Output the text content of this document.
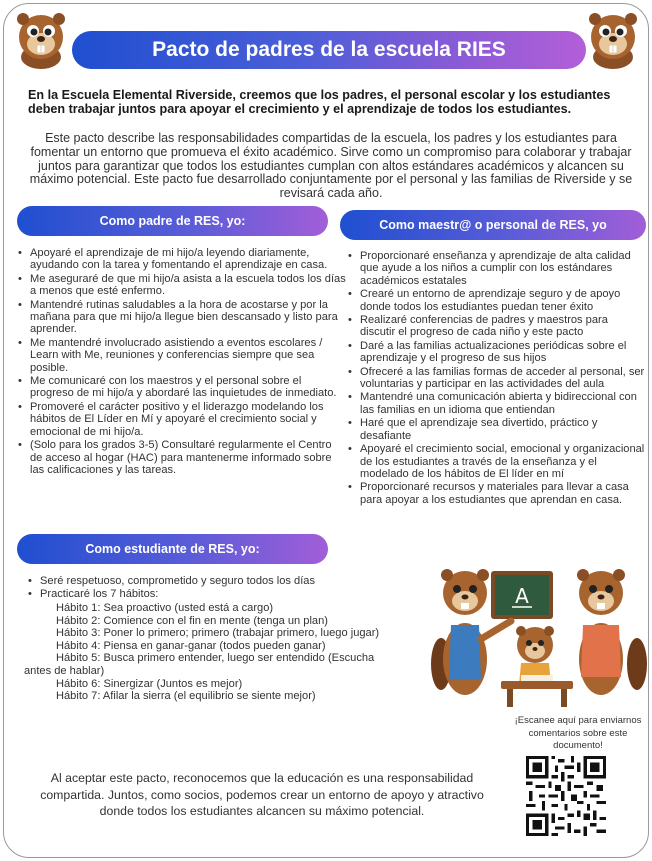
Pacto de padres de la escuela RIES
En la Escuela Elemental Riverside, creemos que los padres, el personal escolar y los estudiantes deben trabajar juntos para apoyar el crecimiento y el aprendizaje de todos los estudiantes.
Este pacto describe las responsabilidades compartidas de la escuela, los padres y los estudiantes para fomentar un entorno que promueva el éxito académico. Sirve como un compromiso para colaborar y trabajar juntos para garantizar que todos los estudiantes cumplan con altos estándares académicos y alcancen su máximo potencial. Este pacto fue desarrollado conjuntamente por el personal y las familias de Riverside y se revisará cada año.
Como padre de RES, yo:
• Apoyaré el aprendizaje de mi hijo/a leyendo diariamente, ayudando con la tarea y fomentando el aprendizaje en casa.
• Me aseguraré de que mi hijo/a asista a la escuela todos los días a menos que esté enfermo.
• Mantendré rutinas saludables a la hora de acostarse y por la mañana para que mi hijo/a llegue bien descansado y listo para aprender.
• Me mantendré involucrado asistiendo a eventos escolares / Learn with Me, reuniones y conferencias siempre que sea posible.
• Me comunicaré con los maestros y el personal sobre el progreso de mi hijo/a y abordaré las inquietudes de inmediato.
• Promoveré el carácter positivo y el liderazgo modelando los hábitos de El Líder en Mí y apoyaré el crecimiento social y emocional de mi hijo/a.
• (Solo para los grados 3-5) Consultaré regularmente el Centro de acceso al hogar (HAC) para mantenerme informado sobre las calificaciones y las tareas.
Como maestr@ o personal de RES, yo
• Proporcionaré enseñanza y aprendizaje de alta calidad que ayude a los niños a cumplir con los estándares académicos estatales
• Crearé un entorno de aprendizaje seguro y de apoyo donde todos los estudiantes puedan tener éxito
• Realizaré conferencias de padres y maestros para discutir el progreso de cada niño y este pacto
• Daré a las familias actualizaciones periódicas sobre el aprendizaje y el progreso de sus hijos
• Ofreceré a las familias formas de acceder al personal, ser voluntarias y participar en las actividades del aula
• Mantendré una comunicación abierta y bidireccional con las familias en un idioma que entiendan
• Haré que el aprendizaje sea divertido, práctico y desafiante
• Apoyaré el crecimiento social, emocional y organizacional de los estudiantes a través de la enseñanza y el modelado de los hábitos de El líder en mí
• Proporcionaré recursos y materiales para llevar a casa para apoyar a los estudiantes que aprendan en casa.
Como estudiante de RES, yo:
• Seré respetuoso, comprometido y seguro todos los días
• Practicaré los 7 hábitos:
Hábito 1: Sea proactivo (usted está a cargo)
Hábito 2: Comience con el fin en mente (tenga un plan)
Hábito 3: Poner lo primero; primero (trabajar primero, luego jugar)
Hábito 4: Piensa en ganar-ganar (todos pueden ganar)
Hábito 5: Busca primero entender, luego ser entendido (Escucha
antes de hablar)
Hábito 6: Sinergizar (Juntos es mejor)
Hábito 7: Afilar la sierra (el equilibrio se siente mejor)
A
¡Escanee aquí para enviarnos comentarios sobre este documento!
Al aceptar este pacto, reconocemos que la educación es una responsabilidad compartida. Juntos, como socios, podemos crear un entorno de apoyo y atractivo donde todos los estudiantes alcancen su máximo potencial.
